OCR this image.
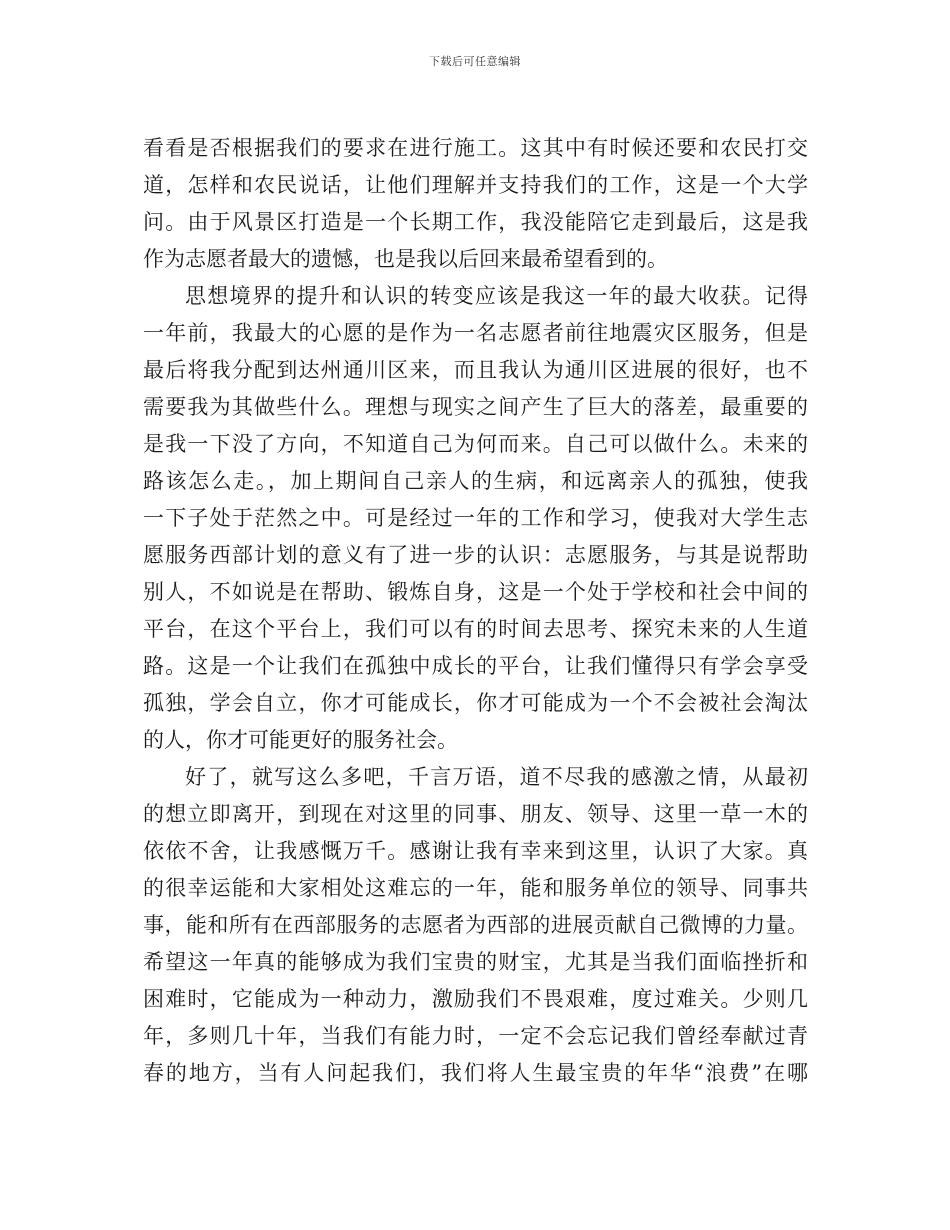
下载后可任意编辑
看看是否根据我们的要求在进行施工。这其中有时候还要和农民打交
道，怎样和农民说话，让他们理解并支持我们的工作，这是一个大学
问。由于风景区打造是一个长期工作，我没能陪它走到最后，这是我
作为志愿者最大的遗憾，也是我以后回来最希望看到的。
思想境界的提升和认识的转变应该是我这一年的最大收获。记得
一年前，我最大的心愿的是作为一名志愿者前往地震灾区服务，但是
最后将我分配到达州通川区来，而且我认为通川区进展的很好，也不
需要我为其做些什么。理想与现实之间产生了巨大的落差，最重要的
是我一下没了方向，不知道自己为何而来。自己可以做什么。未来的
路该怎么走。，加上期间自己亲人的生病，和远离亲人的孤独，使我
一下子处于茫然之中。可是经过一年的工作和学习，使我对大学生志
愿服务西部计划的意义有了进一步的认识：志愿服务，与其是说帮助
别人，不如说是在帮助、锻炼自身，这是一个处于学校和社会中间的
平台，在这个平台上，我们可以有的时间去思考、探究未来的人生道
路。这是一个让我们在孤独中成长的平台，让我们懂得只有学会享受
孤独，学会自立，你才可能成长，你才可能成为一个不会被社会淘汰
的人，你才可能更好的服务社会。
好了，就写这么多吧，千言万语，道不尽我的感激之情，从最初
的想立即离开，到现在对这里的同事、朋友、领导、这里一草一木的
依依不舍，让我感慨万千。感谢让我有幸来到这里，认识了大家。真
的很幸运能和大家相处这难忘的一年，能和服务单位的领导、同事共
事，能和所有在西部服务的志愿者为西部的进展贡献自己微博的力量。
希望这一年真的能够成为我们宝贵的财宝，尤其是当我们面临挫折和
困难时，它能成为一种动力，激励我们不畏艰难，度过难关。少则几
年，多则几十年，当我们有能力时，一定不会忘记我们曾经奉献过青
春的地方，当有人问起我们，我们将人生最宝贵的年华“浪费”在哪
